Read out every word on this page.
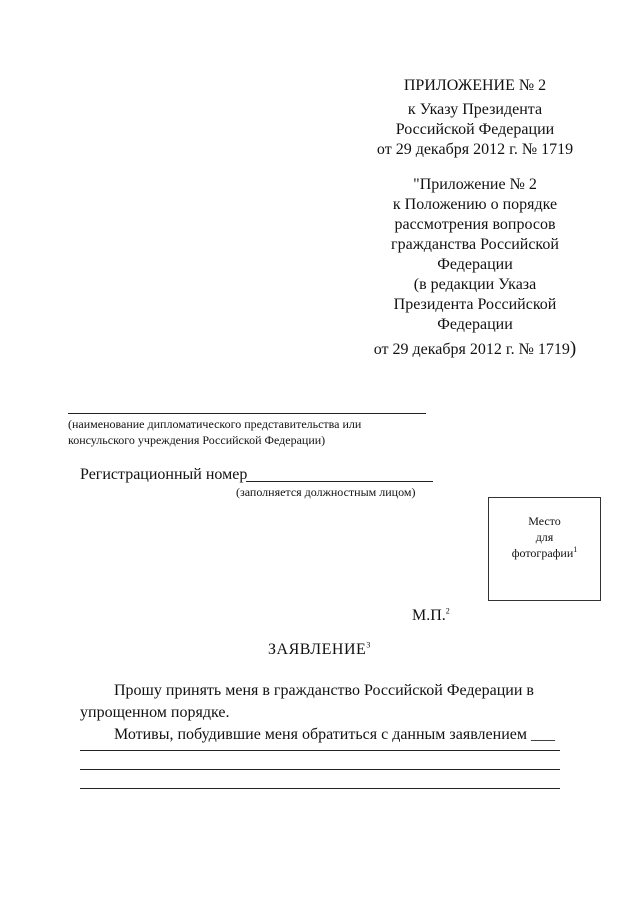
ПРИЛОЖЕНИЕ № 2
к Указу Президента
Российской Федерации
от 29 декабря 2012 г. № 1719
"Приложение № 2
к Положению о порядке
рассмотрения вопросов
гражданства Российской
Федерации
(в редакции Указа
Президента Российской
Федерации
от 29 декабря 2012 г. № 1719)
(наименование дипломатического представительства или
консульского учреждения Российской Федерации)
Регистрационный номер
(заполняется должностным лицом)
Место
для
фотографии$^1$
М.П.$^2$
ЗАЯВЛЕНИЕ$^3$
Прошу принять меня в гражданство Российской Федерации в
упрощенном порядке.
Мотивы, побудившие меня обратиться с данным заявлением ___
